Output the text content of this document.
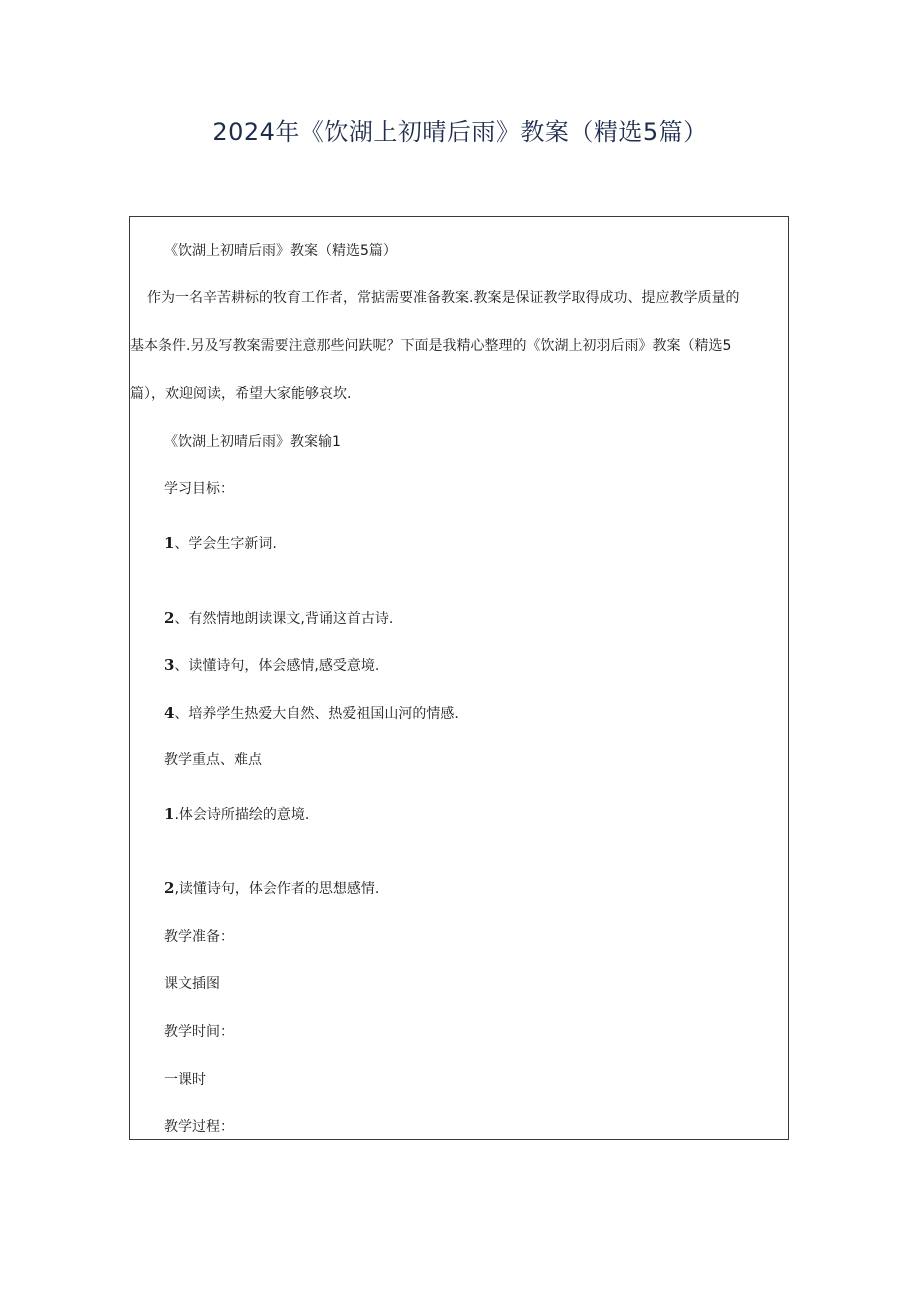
2024年《饮湖上初晴后雨》教案（精选5篇）

《饮湖上初晴后雨》教案（精选5篇）

作为一名辛苦耕标的牧育工作者，常掂需要准备教案.教案是保证教学取得成功、提应教学质量的

基本条件.另及写教案需要注意那些问趺呢？下面是我精心整理的《饮湖上初羽后雨》教案（精选5

篇），欢迎阅读，希望大家能够哀坎.

《饮湖上初晴后雨》教案输1

学习目标：

1、学会生字新词.

2、有然情地朗读课文,背诵这首古诗.

3、读懂诗句，体会感情,感受意境.

4、培养学生热爱大自然、热爱祖国山河的情感.

教学重点、难点

1.体会诗所描绘的意境.

2,读懂诗句，体会作者的思想感情.

教学准备：

课文插图

教学时间：

一课时

教学过程：
